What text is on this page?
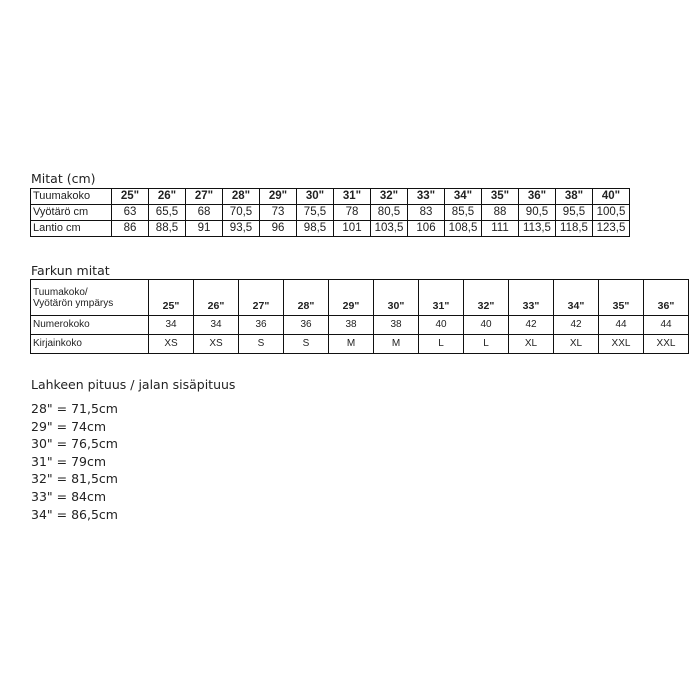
Mitat (cm)
Tuumakoko	25"	26"	27"	28"	29"	30"	31"	32"	33"	34"	35"	36"	38"	40"
Vyötärö cm	63	65,5	68	70,5	73	75,5	78	80,5	83	85,5	88	90,5	95,5	100,5
Lantio cm	86	88,5	91	93,5	96	98,5	101	103,5	106	108,5	111	113,5	118,5	123,5
Farkun mitat
Tuumakoko/
Vyötärön ympärys	25"	26"	27"	28"	29"	30"	31"	32"	33"	34"	35"	36"
Numerokoko	34	34	36	36	38	38	40	40	42	42	44	44
Kirjainkoko	XS	XS	S	S	M	M	L	L	XL	XL	XXL	XXL
Lahkeen pituus / jalan sisäpituus
28" = 71,5cm
29" = 74cm
30" = 76,5cm
31" = 79cm
32" = 81,5cm
33" = 84cm
34" = 86,5cm
